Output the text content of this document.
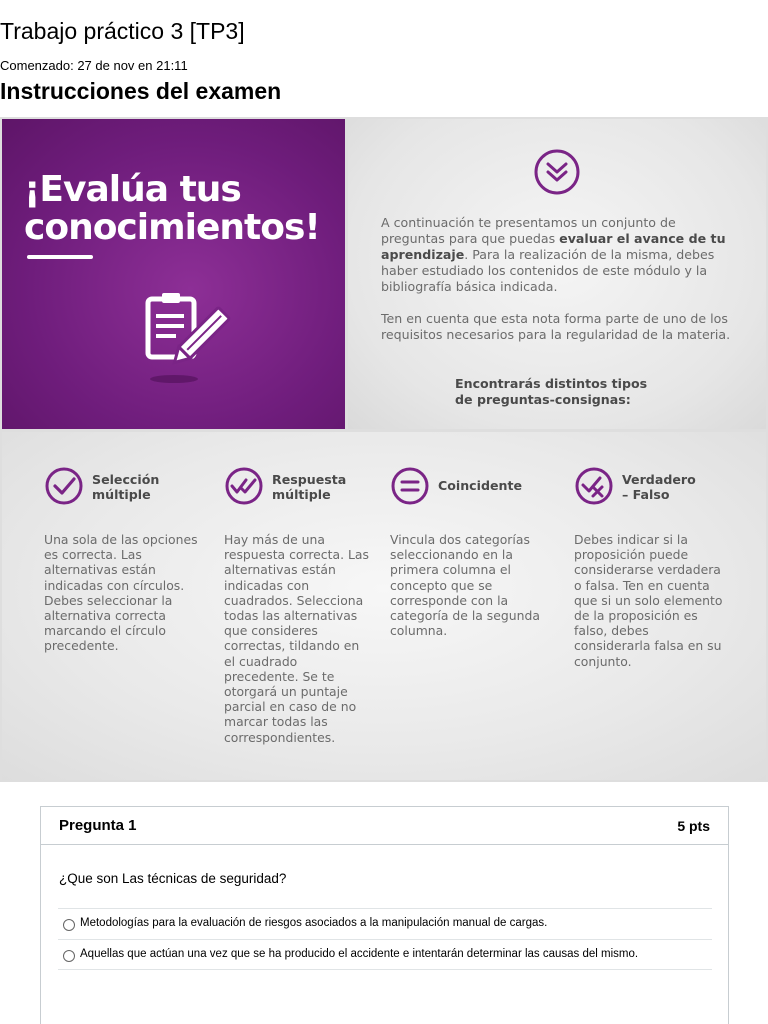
Trabajo práctico 3 [TP3]
Comenzado: 27 de nov en 21:11
Instrucciones del examen
¡Evalúa tus
conocimientos!	A continuación te presentamos un conjunto de preguntas para que puedas evaluar el avance de tu aprendizaje. Para la realización de la misma, debes haber estudiado los contenidos de este módulo y la bibliografía básica indicada.

Ten en cuenta que esta nota forma parte de uno de los requisitos necesarios para la regularidad de la materia.

Encontrarás distintos tipos
de preguntas-consignas:
Selección
múltiple
Una sola de las opciones es correcta. Las alternativas están indicadas con círculos. Debes seleccionar la alternativa correcta marcando el círculo precedente.
Respuesta
múltiple
Hay más de una respuesta correcta. Las alternativas están indicadas con cuadrados. Selecciona todas las alternativas que consideres correctas, tildando en el cuadrado precedente. Se te otorgará un puntaje parcial en caso de no marcar todas las correspondientes.
Coincidente
Vincula dos categorías seleccionando en la primera columna el concepto que se corresponde con la categoría de la segunda columna.
Verdadero
– Falso
Debes indicar si la proposición puede considerarse verdadera o falsa. Ten en cuenta que si un solo elemento de la proposición es falso, debes considerarla falsa en su conjunto.
Pregunta 1	5 pts
¿Que son Las técnicas de seguridad?
Metodologías para la evaluación de riesgos asociados a la manipulación manual de cargas.
Aquellas que actúan una vez que se ha producido el accidente e intentarán determinar las causas del mismo.
